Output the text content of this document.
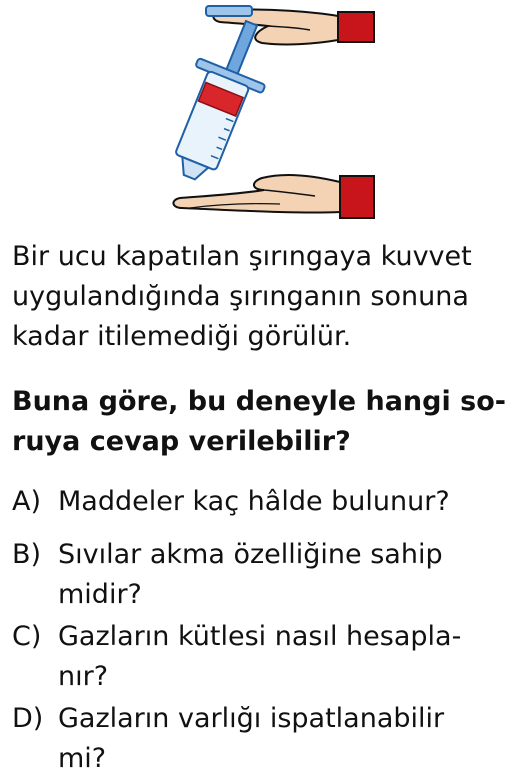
Bir ucu kapatılan şırıngaya kuvvet
uygulandığında şırınganın sonuna
kadar itilemediği görülür.
Buna göre, bu deneyle hangi so-
ruya cevap verilebilir?
A) Maddeler kaç hâlde bulunur?
B) Sıvılar akma özelliğine sahip
midir?
C) Gazların kütlesi nasıl hesapla-
nır?
D) Gazların varlığı ispatlanabilir
mi?
